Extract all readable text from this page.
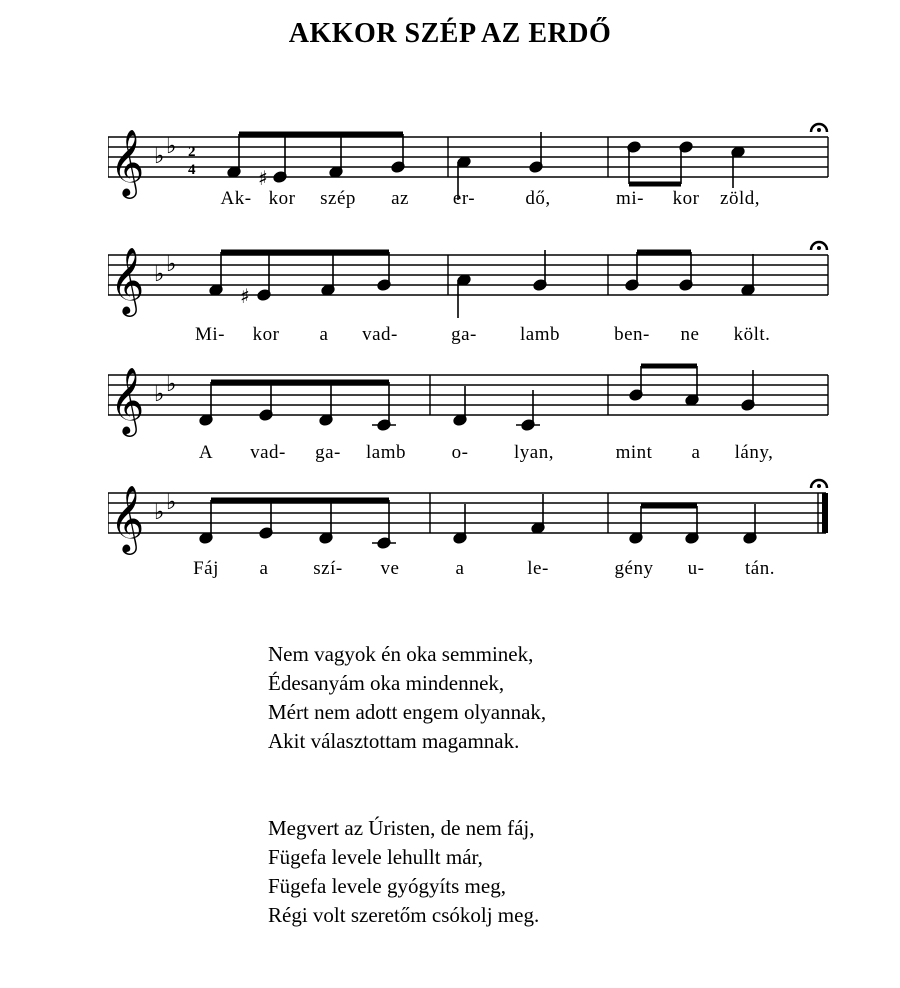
AKKOR SZÉP AZ ERDŐ
𝄞 ♭ ♭ 2
4	♯
Ak- kor szép az er-	dő,	mi- kor zöld,
𝄞 ♭ ♭
♯
Mi- kor a vad-	ga- lamb	ben- ne költ.
𝄞 ♭ ♭
A vad- ga- lamb o- lyan,	mint a lány,
𝄞 ♭ ♭
Fáj a szí- ve	a	le-	gény u- tán.
Nem vagyok én oka semminek,
Édesanyám oka mindennek,
Mért nem adott engem olyannak,
Akit választottam magamnak.
Megvert az Úristen, de nem fáj,
Fügefa levele lehullt már,
Fügefa levele gyógyíts meg,
Régi volt szeretőm csókolj meg.
